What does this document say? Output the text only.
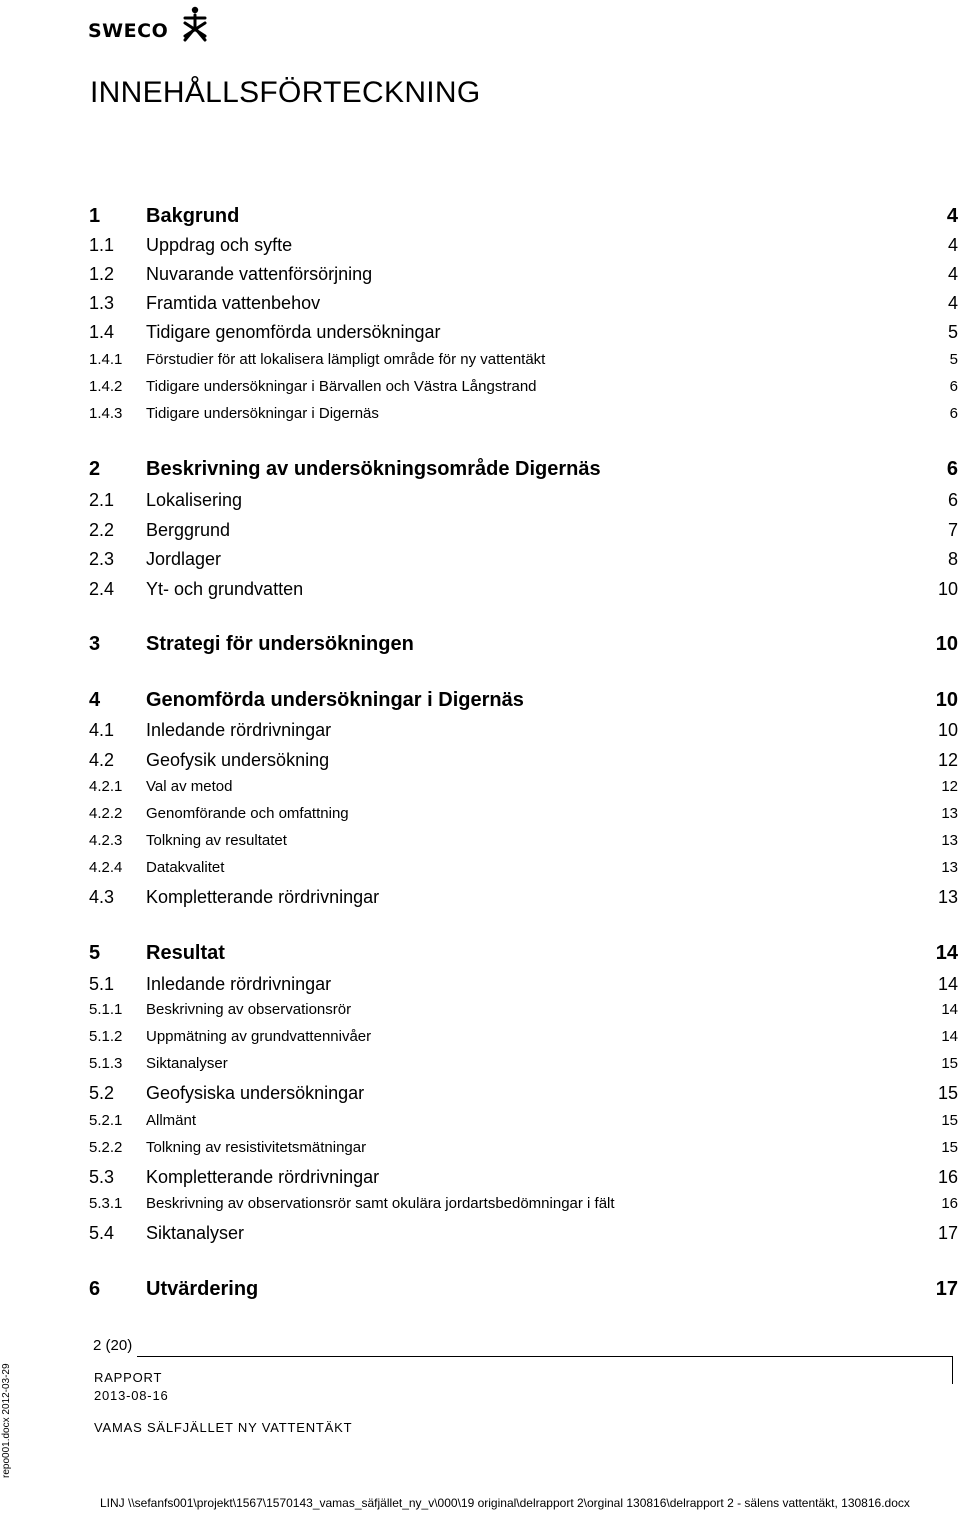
SWECO
INNEHÅLLSFÖRTECKNING
1 Bakgrund	4
1.1 Uppdrag och syfte	4
1.2 Nuvarande vattenförsörjning	4
1.3 Framtida vattenbehov	4
1.4 Tidigare genomförda undersökningar	5
1.4.1 Förstudier för att lokalisera lämpligt område för ny vattentäkt	5
1.4.2 Tidigare undersökningar i Bärvallen och Västra Långstrand	6
1.4.3 Tidigare undersökningar i Digernäs	6
2 Beskrivning av undersökningsområde Digernäs	6
2.1 Lokalisering	6
2.2 Berggrund	7
2.3 Jordlager	8
2.4 Yt- och grundvatten	10
3 Strategi för undersökningen	10
4 Genomförda undersökningar i Digernäs	10
4.1 Inledande rördrivningar	10
4.2 Geofysik undersökning	12
4.2.1 Val av metod	12
4.2.2 Genomförande och omfattning	13
4.2.3 Tolkning av resultatet	13
4.2.4 Datakvalitet	13
4.3 Kompletterande rördrivningar	13
5 Resultat	14
5.1 Inledande rördrivningar	14
5.1.1 Beskrivning av observationsrör	14
5.1.2 Uppmätning av grundvattennivåer	14
5.1.3 Siktanalyser	15
5.2 Geofysiska undersökningar	15
5.2.1 Allmänt	15
5.2.2 Tolkning av resistivitetsmätningar	15
5.3 Kompletterande rördrivningar	16
5.3.1 Beskrivning av observationsrör samt okulära jordartsbedömningar i fält	16
5.4 Siktanalyser	17
6 Utvärdering	17
2 (20)
RAPPORT
2013-08-16
VAMAS SÄLFJÄLLET NY VATTENTÄKT
repo001.docx 2012-03-29
LINJ \\sefanfs001\projekt\1567\1570143_vamas_säfjället_ny_v\000\19 original\delrapport 2\orginal 130816\delrapport 2 - sälens vattentäkt, 130816.docx
